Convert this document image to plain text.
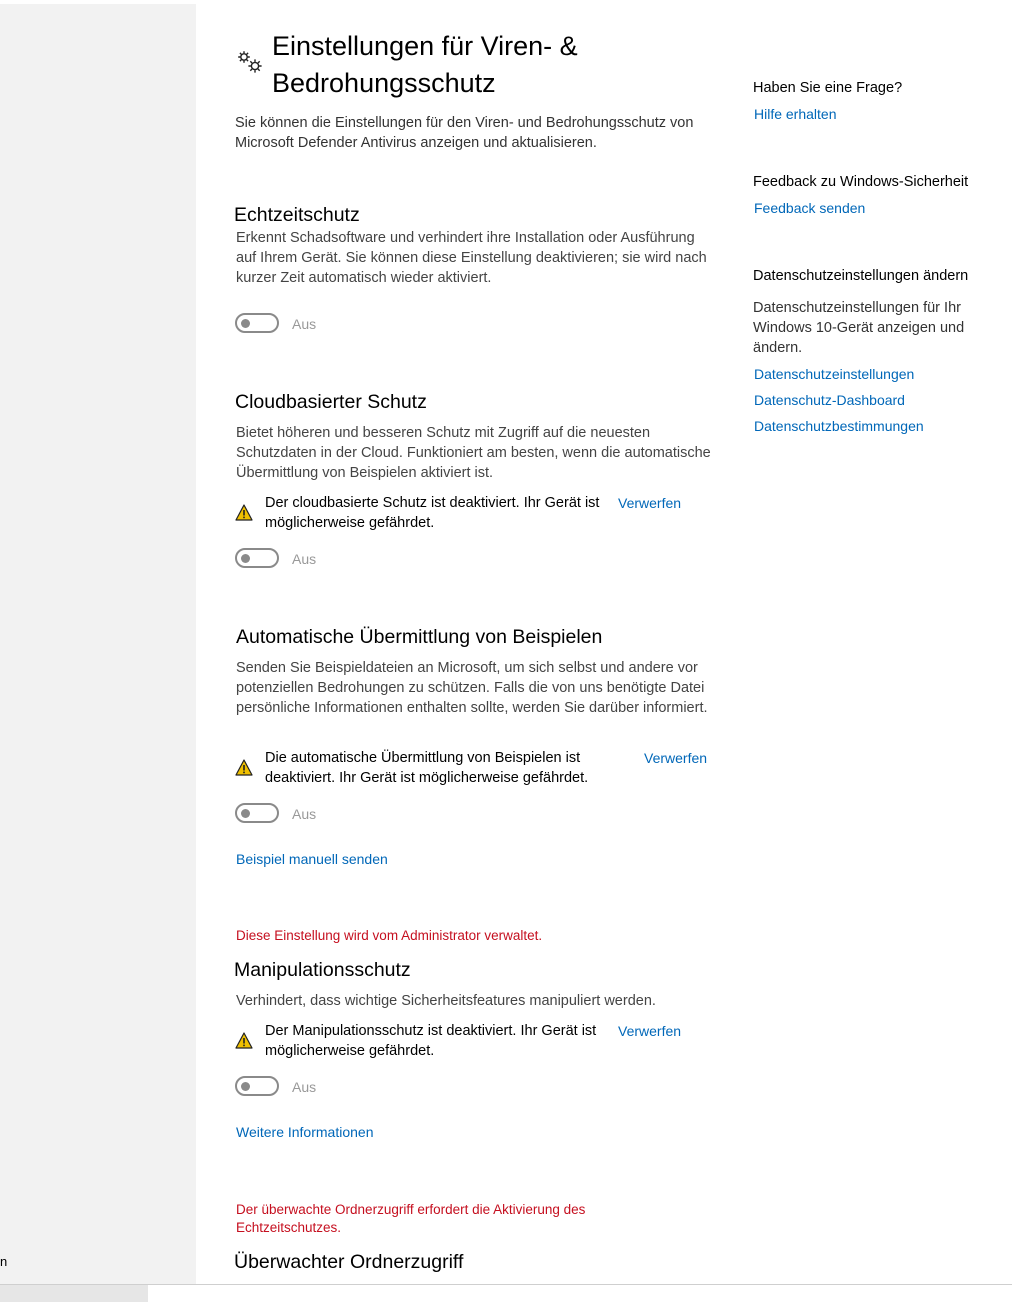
n
Einstellungen für Viren- & Bedrohungsschutz

Sie können die Einstellungen für den Viren- und Bedrohungsschutz von Microsoft Defender Antivirus anzeigen und aktualisieren.

Echtzeitschutz
Erkennt Schadsoftware und verhindert ihre Installation oder Ausführung auf Ihrem Gerät. Sie können diese Einstellung deaktivieren; sie wird nach kurzer Zeit automatisch wieder aktiviert.
Aus
Cloudbasierter Schutz
Bietet höheren und besseren Schutz mit Zugriff auf die neuesten Schutzdaten in der Cloud. Funktioniert am besten, wenn die automatische Übermittlung von Beispielen aktiviert ist.
Der cloudbasierte Schutz ist deaktiviert. Ihr Gerät ist möglicherweise gefährdet.
Verwerfen
Aus
Automatische Übermittlung von Beispielen
Senden Sie Beispieldateien an Microsoft, um sich selbst und andere vor potenziellen Bedrohungen zu schützen. Falls die von uns benötigte Datei persönliche Informationen enthalten sollte, werden Sie darüber informiert.
Die automatische Übermittlung von Beispielen ist deaktiviert. Ihr Gerät ist möglicherweise gefährdet.
Verwerfen
Aus
Beispiel manuell senden
Diese Einstellung wird vom Administrator verwaltet.
Manipulationsschutz
Verhindert, dass wichtige Sicherheitsfeatures manipuliert werden.
Der Manipulationsschutz ist deaktiviert. Ihr Gerät ist möglicherweise gefährdet.
Verwerfen
Aus
Weitere Informationen
Der überwachte Ordnerzugriff erfordert die Aktivierung des Echtzeitschutzes.
Überwachter Ordnerzugriff
Haben Sie eine Frage?
Hilfe erhalten
Feedback zu Windows-Sicherheit
Feedback senden
Datenschutzeinstellungen ändern
Datenschutzeinstellungen für Ihr Windows 10-Gerät anzeigen und ändern.
Datenschutzeinstellungen
Datenschutz-Dashboard
Datenschutzbestimmungen
